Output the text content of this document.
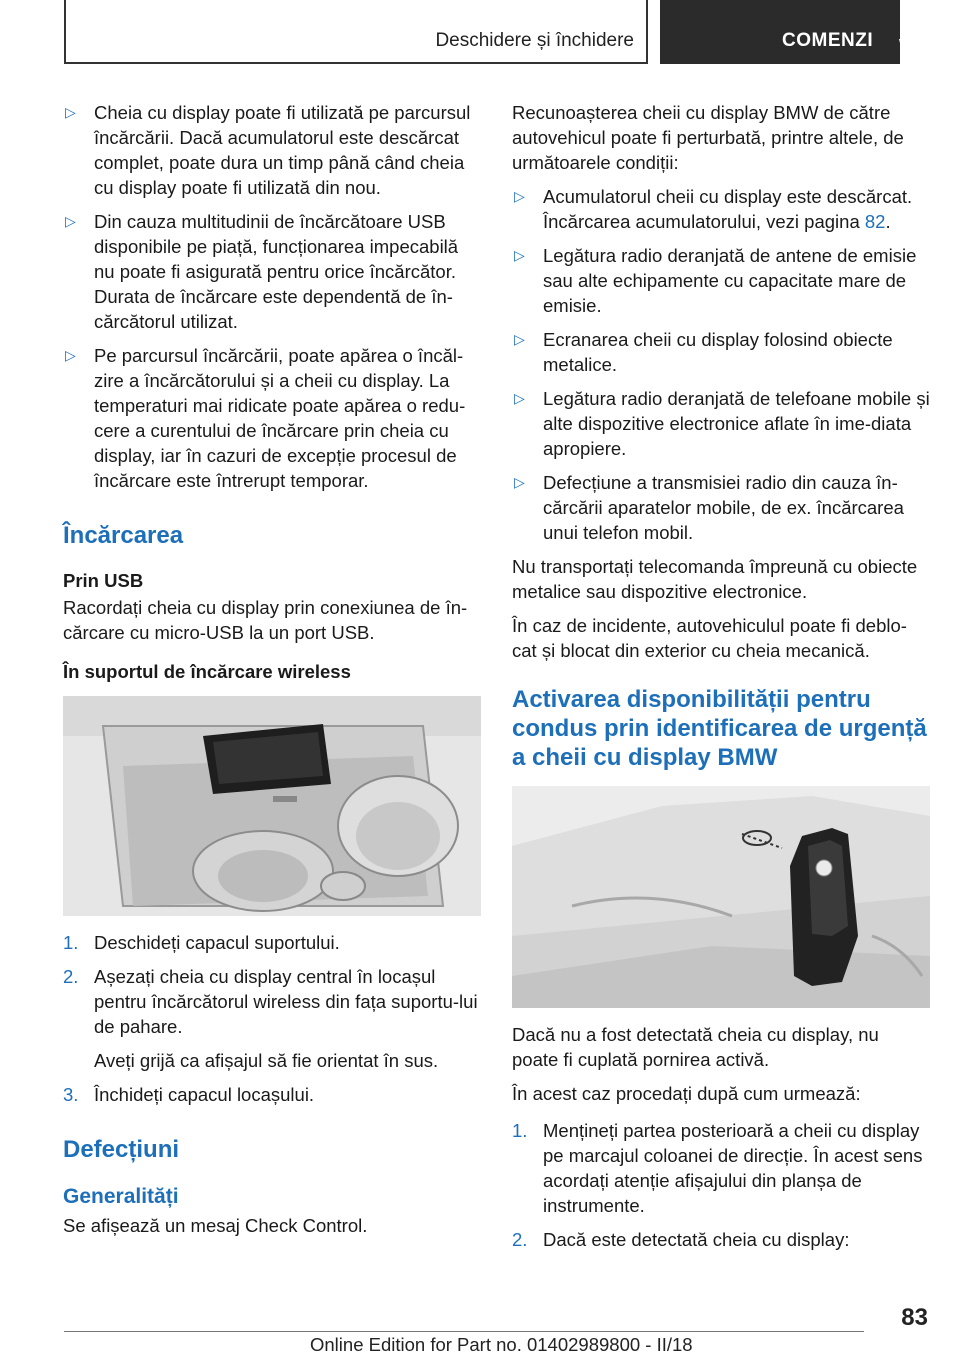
Deschidere și închidere	COMENZI
▷ Cheia cu display poate fi utilizată pe parcursul încărcării. Dacă acumulatorul este descărcat complet, poate dura un timp până când cheia cu display poate fi utilizată din nou.
▷ Din cauza multitudinii de încărcătoare USB disponibile pe piață, funcționarea impecabilă nu poate fi asigurată pentru orice încărcător. Durata de încărcare este dependentă de în‐cărcătorul utilizat.
▷ Pe parcursul încărcării, poate apărea o încăl‐zire a încărcătorului și a cheii cu display. La temperaturi mai ridicate poate apărea o redu‐cere a curentului de încărcare prin cheia cu display, iar în cazuri de excepție procesul de încărcare este întrerupt temporar.
Încărcarea
Prin USB

Racordați cheia cu display prin conexiunea de în‐cărcare cu micro-USB la un port USB.

În suportul de încărcare wireless
1. Deschideți capacul suportului.
2. Așezați cheia cu display central în locașul pentru încărcătorul wireless din fața suportu‐lui de pahare.

Aveți grijă ca afișajul să fie orientat în sus.

3. Închideți capacul locașului.
Defecțiuni
Generalități

Se afișează un mesaj Check Control.

Recunoașterea cheii cu display BMW de către autovehicul poate fi perturbată, printre altele, de următoarele condiții:

▷ Acumulatorul cheii cu display este descărcat. Încărcarea acumulatorului, vezi pagina 82.
▷ Legătura radio deranjată de antene de emisie sau alte echipamente cu capacitate mare de emisie.
▷ Ecranarea cheii cu display folosind obiecte metalice.
▷ Legătura radio deranjată de telefoane mobile și alte dispozitive electronice aflate în ime‐diata apropiere.
▷ Defecțiune a transmisiei radio din cauza în‐cărcării aparatelor mobile, de ex. încărcarea unui telefon mobil.

Nu transportați telecomanda împreună cu obiecte metalice sau dispozitive electronice.

În caz de incidente, autovehiculul poate fi deblo‐cat și blocat din exterior cu cheia mecanică.

Activarea disponibilității pentru condus prin identificarea de urgență a cheii cu display BMW

Dacă nu a fost detectată cheia cu display, nu poate fi cuplată pornirea activă.

În acest caz procedați după cum urmează:

1. Mențineți partea posterioară a cheii cu display pe marcajul coloanei de direcție. În acest sens acordați atenție afișajului din planșa de instrumente.
2. Dacă este detectată cheia cu display:
83
Online Edition for Part no. 01402989800 - II/18
